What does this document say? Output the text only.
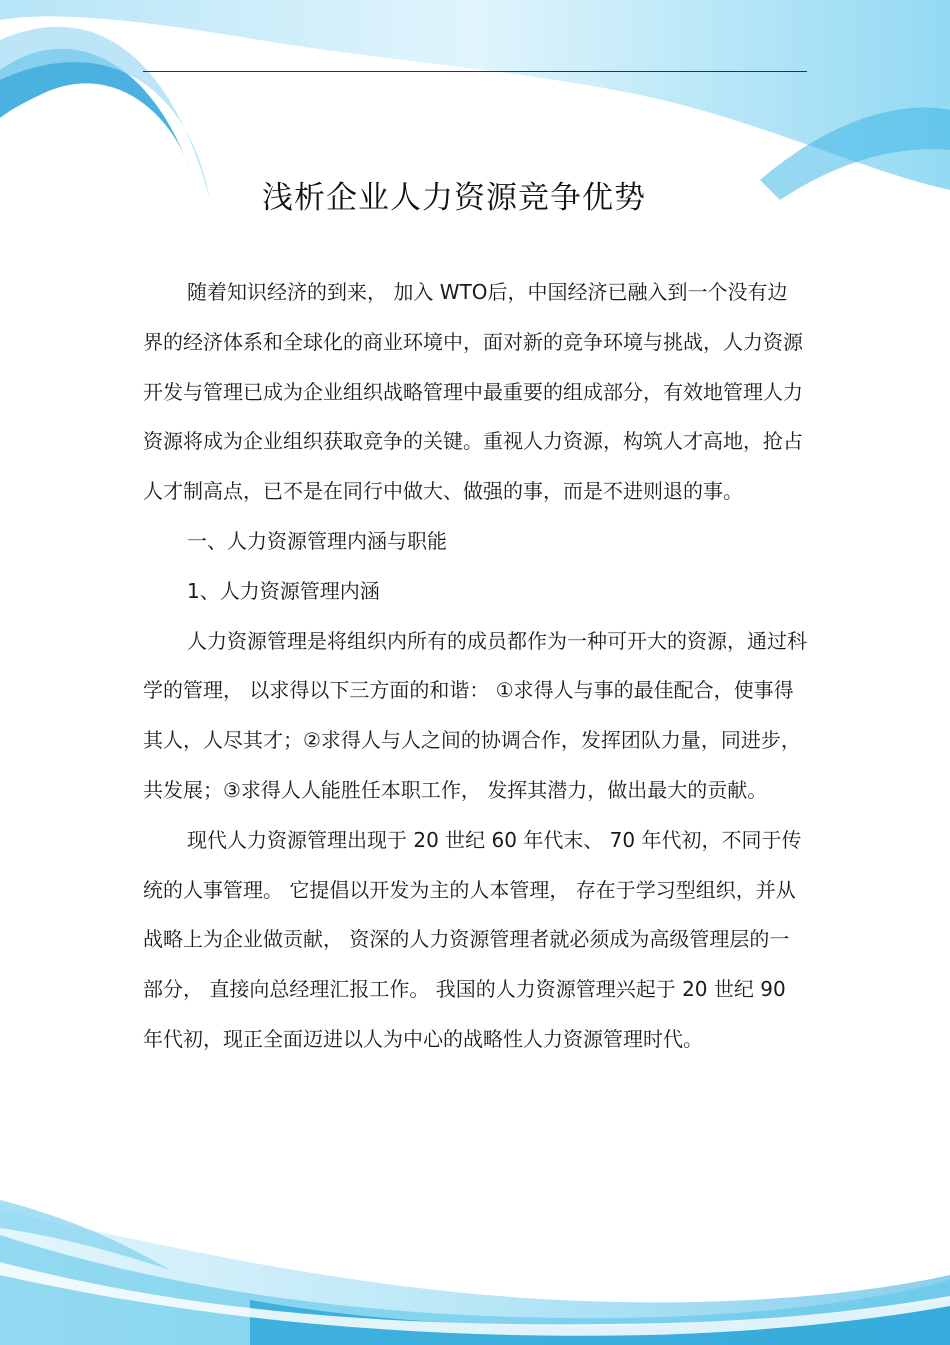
浅析企业人力资源竞争优势

随着知识经济的到来， 加入 WTO后，中国经济已融入到一个没有边界的经济体系和全球化的商业环境中，面对新的竞争环境与挑战，人力资源开发与管理已成为企业组织战略管理中最重要的组成部分，有效地管理人力资源将成为企业组织获取竞争的关键。重视人力资源，构筑人才高地，抢占人才制高点，已不是在同行中做大、做强的事，而是不进则退的事。

一、人力资源管理内涵与职能

1、人力资源管理内涵

人力资源管理是将组织内所有的成员都作为一种可开大的资源，通过科学的管理， 以求得以下三方面的和谐： ①求得人与事的最佳配合，使事得其人，人尽其才；②求得人与人之间的协调合作，发挥团队力量，同进步，共发展；③求得人人能胜任本职工作， 发挥其潜力，做出最大的贡献。

现代人力资源管理出现于 20 世纪 60 年代末、 70 年代初，不同于传统的人事管理。 它提倡以开发为主的人本管理， 存在于学习型组织，并从战略上为企业做贡献， 资深的人力资源管理者就必须成为高级管理层的一部分， 直接向总经理汇报工作。 我国的人力资源管理兴起于 20 世纪 90 年代初，现正全面迈进以人为中心的战略性人力资源管理时代。
